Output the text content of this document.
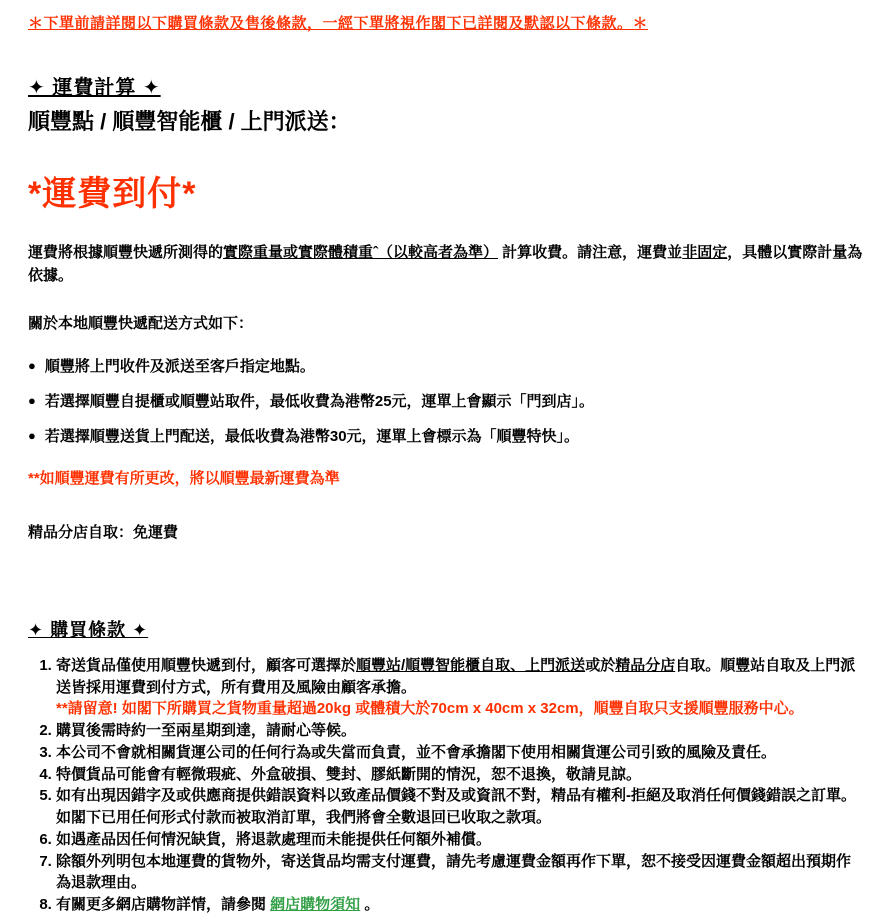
＊下單前請詳閱以下購買條款及售後條款，一經下單將視作閣下已詳閱及默認以下條款。＊
✦ 運費計算 ✦
順豐點 / 順豐智能櫃 / 上門派送：
*運費到付*
運費將根據順豐快遞所測得的實際重量或實際體積重ˆ（以較高者為準） 計算收費。請注意，運費並非固定，具體以實際計量為依據。
關於本地順豐快遞配送方式如下：
● 順豐將上門收件及派送至客戶指定地點。
● 若選擇順豐自提櫃或順豐站取件，最低收費為港幣25元，運單上會顯示「門到店」。
● 若選擇順豐送貨上門配送，最低收費為港幣30元，運單上會標示為「順豐特快」。
**如順豐運費有所更改，將以順豐最新運費為準
精品分店自取：免運費
✦ 購買條款 ✦
1. 寄送貨品僅使用順豐快遞到付，顧客可選擇於順豐站/順豐智能櫃自取、上門派送或於精品分店自取。順豐站自取及上門派送皆採用運費到付方式，所有費用及風險由顧客承擔。
**請留意! 如閣下所購買之貨物重量超過20kg 或體積大於70cm x 40cm x 32cm，順豐自取只支援順豐服務中心。
2. 購買後需時約一至兩星期到達，請耐心等候。
3. 本公司不會就相關貨運公司的任何行為或失當而負責，並不會承擔閣下使用相關貨運公司引致的風險及責任。
4. 特價貨品可能會有輕微瑕疵、外盒破損、雙封、膠紙斷開的情況，恕不退換，敬請見諒。
5. 如有出現因錯字及或供應商提供錯誤資料以致產品價錢不對及或資訊不對，精品有權利-拒絕及取消任何價錢錯誤之訂單。如閣下已用任何形式付款而被取消訂單，我們將會全數退回已收取之款項。
6. 如遇產品因任何情況缺貨，將退款處理而未能提供任何額外補償。
7. 除額外列明包本地運費的貨物外，寄送貨品均需支付運費，請先考慮運費金額再作下單，恕不接受因運費金額超出預期作為退款理由。
8. 有關更多網店購物詳情，請參閱 網店購物須知 。
